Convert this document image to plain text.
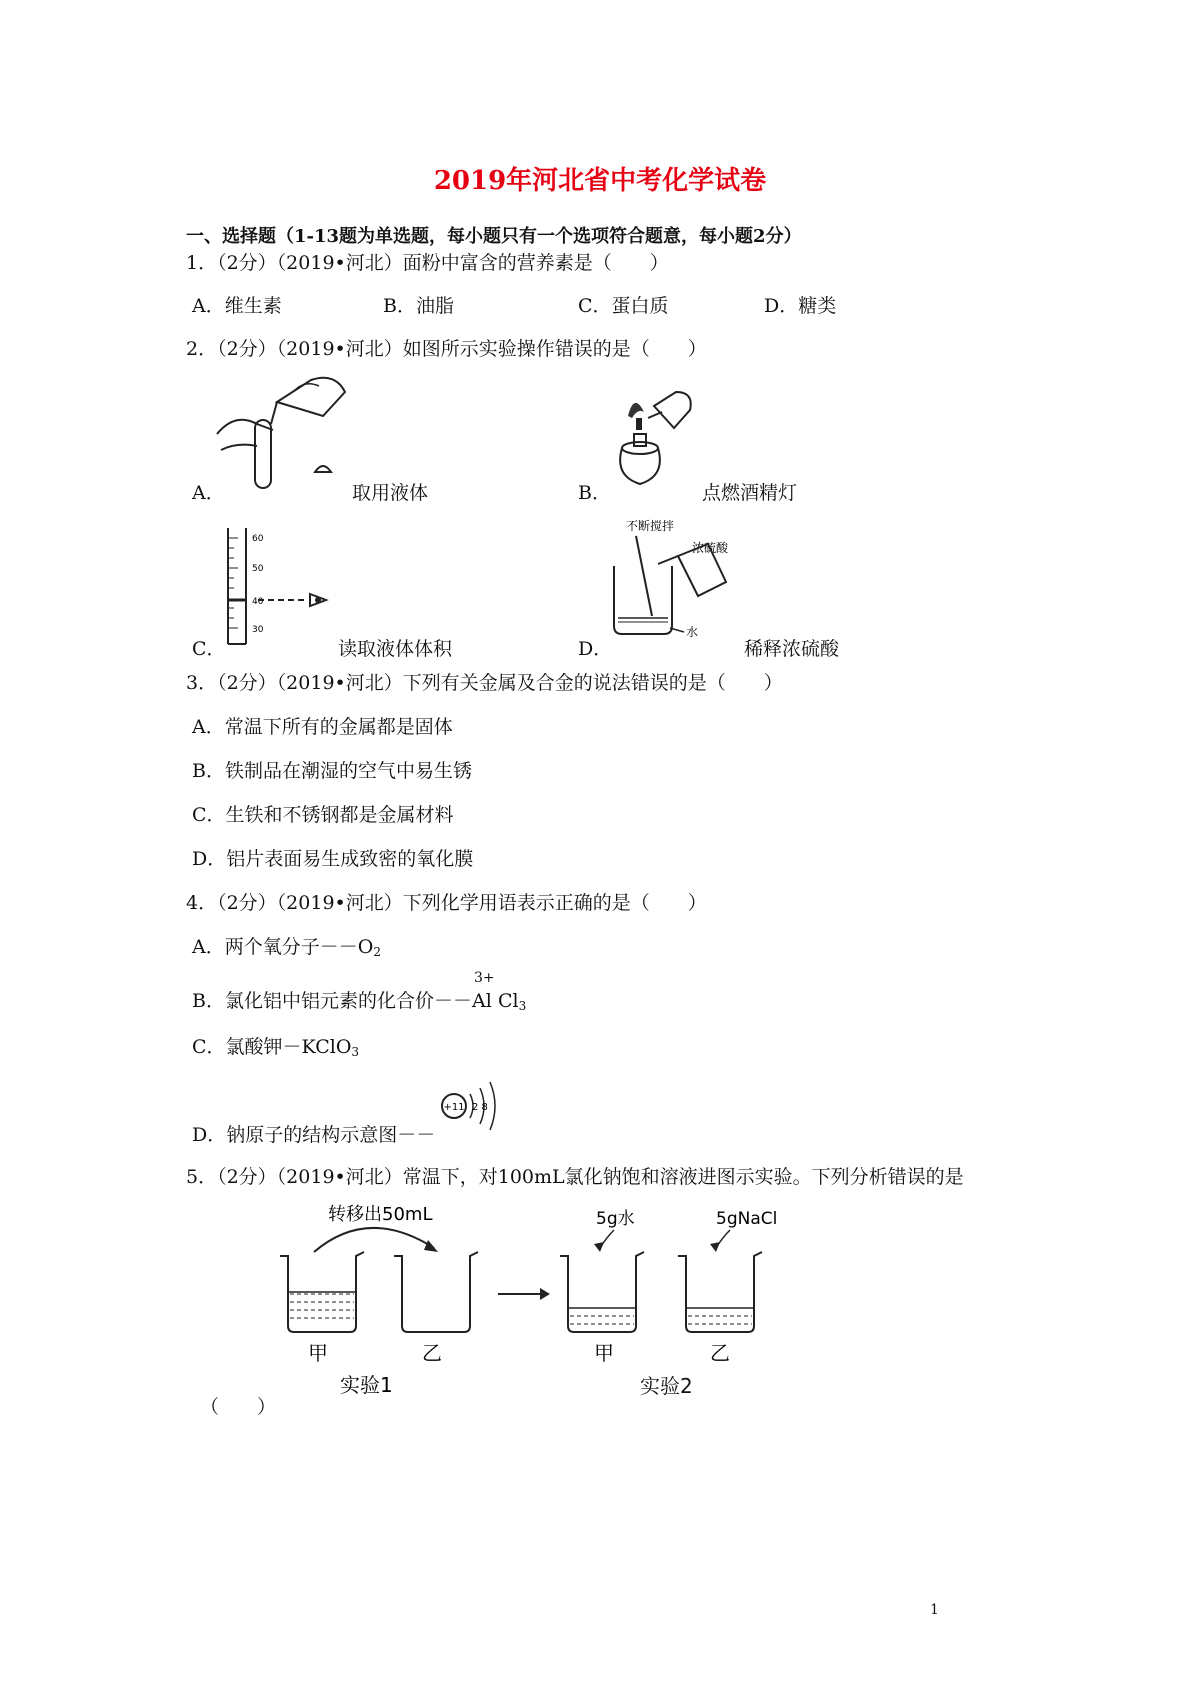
2019年河北省中考化学试卷
一、选择题（1-13题为单选题，每小题只有一个选项符合题意，每小题2分）
1．（2分）（2019•河北）面粉中富含的营养素是（　　）
A．维生素	B．油脂	C．蛋白质	D．糖类
2．（2分）（2019•河北）如图所示实验操作错误的是（　　）
A．	取用液体	B．	点燃酒精灯
C．
60
50
40
30
读取液体体积	D．
不断搅拌
浓硫酸
水
稀释浓硫酸
3．（2分）（2019•河北）下列有关金属及合金的说法错误的是（　　）
A．常温下所有的金属都是固体
B．铁制品在潮湿的空气中易生锈
C．生铁和不锈钢都是金属材料
D．铝片表面易生成致密的氧化膜
4．（2分）（2019•河北）下列化学用语表示正确的是（　　）
A．两个氧分子$--O_2$
B．氯化铝中铝元素的化合价－－
3+
Al $Cl_3$
C．氯酸钾－KClO$_3$
D．钠原子的结构示意图－－
+11 2 8
5．（2分）（2019•河北）常温下，对100mL氯化钠饱和溶液进图示实验。下列分析错误的是
转移出50mL
甲	乙
实验1
5g水	5gNaCl
甲	乙
实验2
（　　）
1
